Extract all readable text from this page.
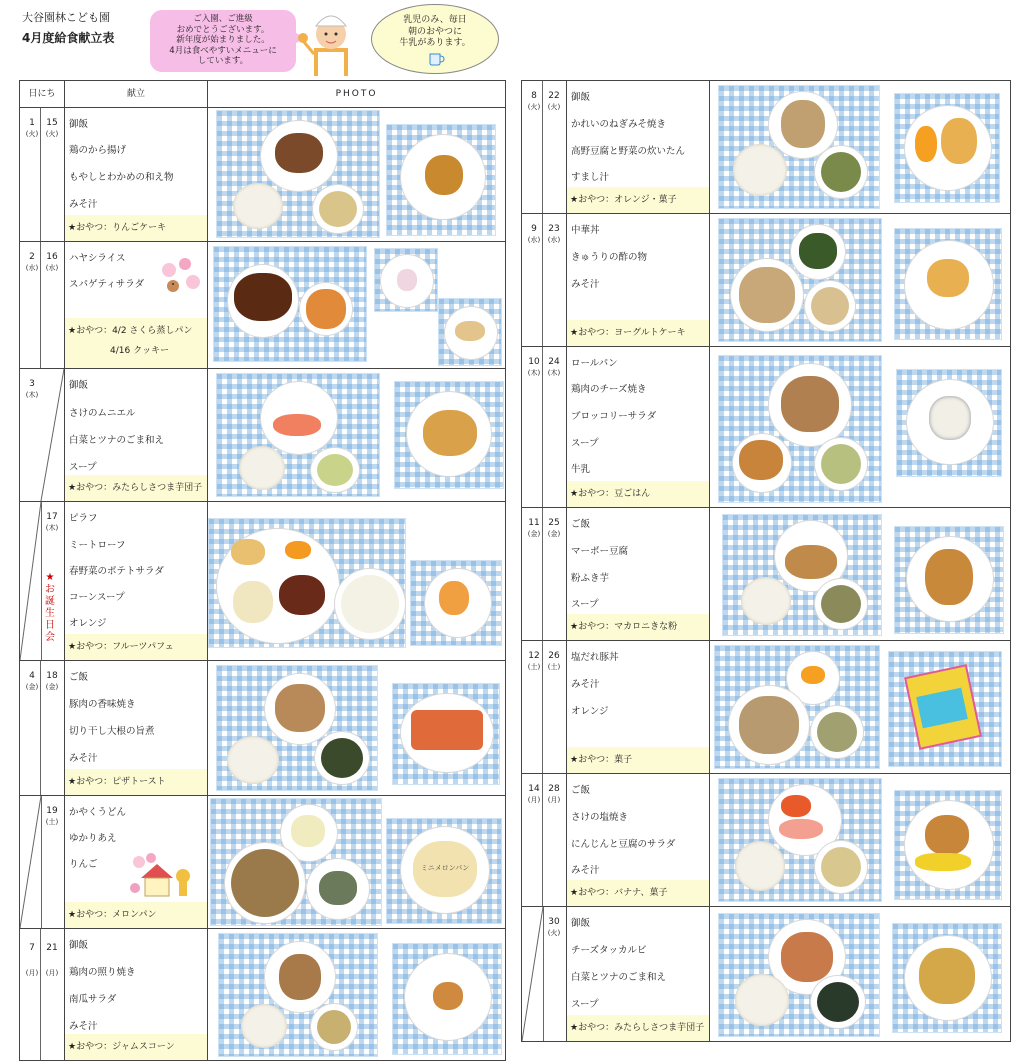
大谷園林こども園
4月度給食献立表
ご入園、ご進級
おめでとうございます。
新年度が始まりました。
4月は食べやすいメニューに
しています。
乳児のみ、毎日
朝のおやつに
牛乳があります。
日にち	献立	PHOTO
1
(火)
15
(火)
御飯
鶏のから揚げ
もやしとわかめの和え物
みそ汁
★おやつ：りんごケーキ
2
(水)
16
(水)
ハヤシライス
スパゲティサラダ
★おやつ：4/2 さくら蒸しパン
4/16 クッキー
3
(木)
御飯
さけのムニエル
白菜とツナのごま和え
スープ
★おやつ：みたらしさつま芋団子
17
(木)
★お誕生日会
ピラフ
ミートローフ
春野菜のポテトサラダ
コーンスープ
オレンジ
★おやつ：フルーツパフェ
4
(金)
18
(金)
ご飯
豚肉の香味焼き
切り干し大根の旨煮
みそ汁
★おやつ：ピザトースト
19
(土)
かやくうどん
ゆかりあえ
りんご
★おやつ：メロンパン
ミニメロンパン
7
(月)
21
(月)
御飯
鶏肉の照り焼き
南瓜サラダ
みそ汁
★おやつ：ジャムスコーン
8
(火)
22
(火)
御飯
かれいのねぎみそ焼き
高野豆腐と野菜の炊いたん
すまし汁
★おやつ：オレンジ・菓子
9
(水)
23
(水)
中華丼
きゅうりの酢の物
みそ汁
★おやつ：ヨーグルトケーキ
10
(木)
24
(木)
ロールパン
鶏肉のチーズ焼き
ブロッコリーサラダ
スープ
牛乳
★おやつ：豆ごはん
11
(金)
25
(金)
ご飯
マーボー豆腐
粉ふき芋
スープ
★おやつ：マカロニきな粉
12
(土)
26
(土)
塩だれ豚丼
みそ汁
オレンジ
★おやつ：菓子
14
(月)
28
(月)
ご飯
さけの塩焼き
にんじんと豆腐のサラダ
みそ汁
★おやつ：バナナ、菓子
30
(火)
御飯
チーズタッカルビ
白菜とツナのごま和え
スープ
★おやつ：みたらしさつま芋団子
